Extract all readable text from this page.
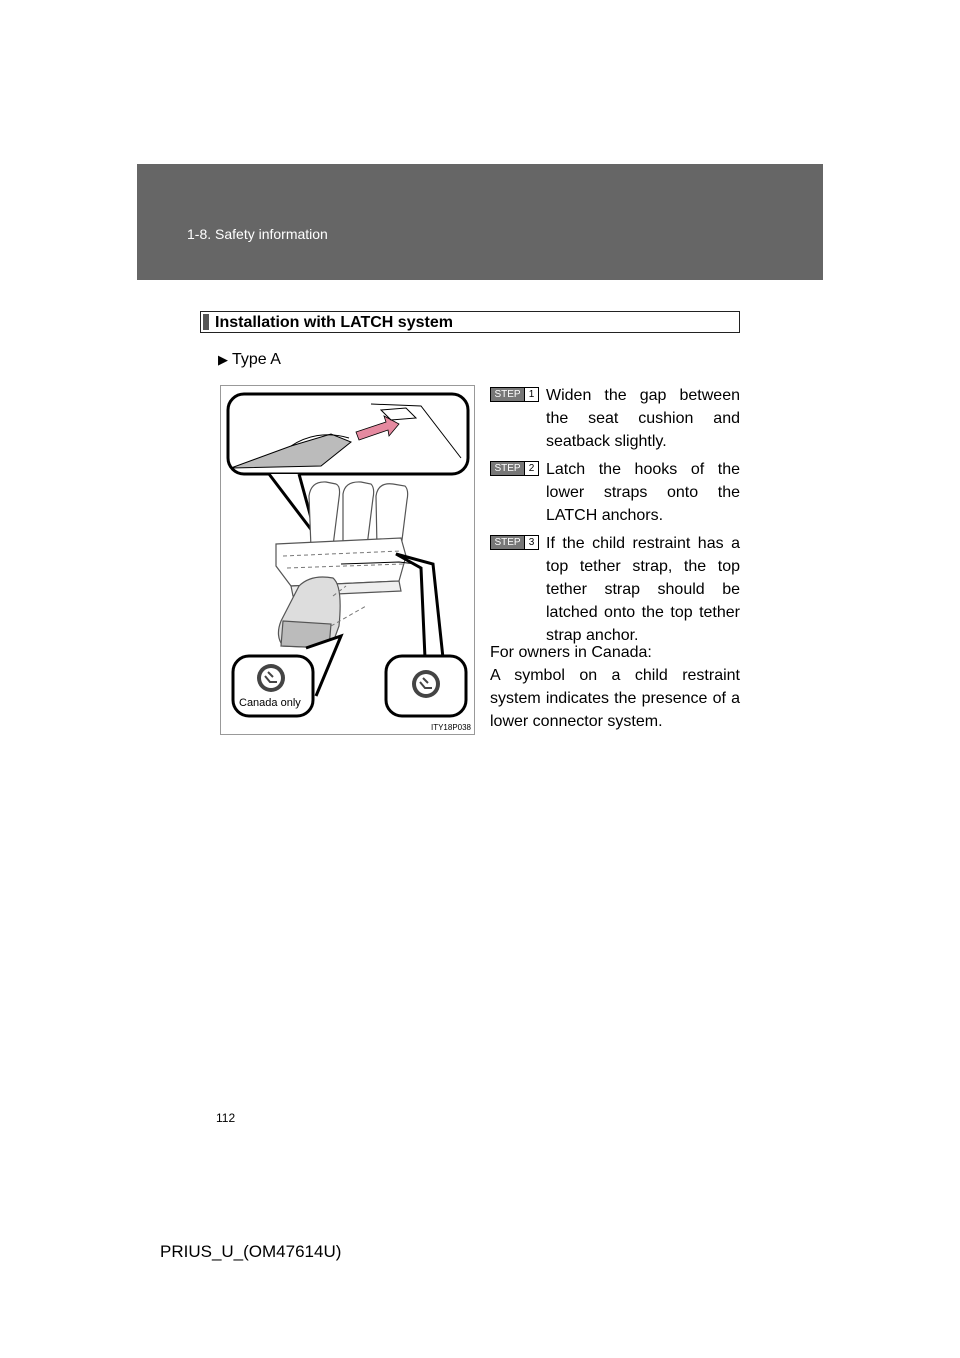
1-8. Safety information
Installation with LATCH system
▶ Type A
Canada only
ITY18P038
STEP 1 Widen the gap between the seat cushion and seatback slightly.
STEP 2 Latch the hooks of the lower straps onto the LATCH anchors.
STEP 3 If the child restraint has a top tether strap, the top tether strap should be latched onto the top tether strap anchor.

For owners in Canada:

A symbol on a child restraint system indicates the presence of a lower connector system.

112
PRIUS_U_(OM47614U)
